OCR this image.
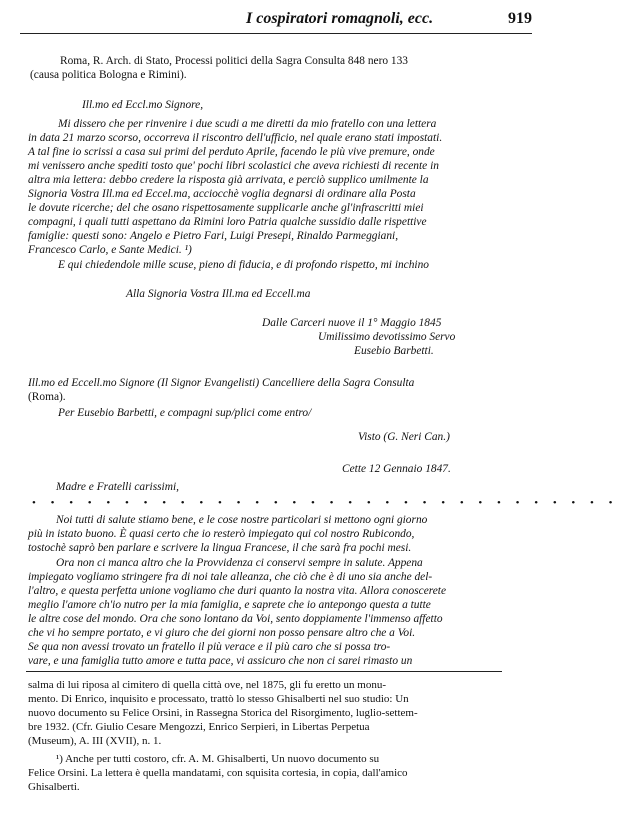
I cospiratori romagnoli, ecc.	919
Roma, R. Arch. di Stato, Processi politici della Sagra Consulta 848 nero 133
(causa politica Bologna e Rimini).
Ill.mo ed Eccl.mo Signore,
Mi dissero che per rinvenire i due scudi a me diretti da mio fratello con una lettera
in data 21 marzo scorso, occorreva il riscontro dell'ufficio, nel quale erano stati impostati.
A tal fine io scrissi a casa sui primi del perduto Aprile, facendo le più vive premure, onde
mi venissero anche spediti tosto que' pochi libri scolastici che aveva richiesti di recente in
altra mia lettera: debbo credere la risposta già arrivata, e perciò supplico umilmente la
Signoria Vostra Ill.ma ed Eccel.ma, acciocchè voglia degnarsi di ordinare alla Posta
le dovute ricerche; del che osano rispettosamente supplicarle anche gl'infrascritti miei
compagni, i quali tutti aspettano da Rimini loro Patria qualche sussidio dalle rispettive
famiglie: questi sono: Angelo e Pietro Fari, Luigi Presepi, Rinaldo Parmeggiani,
Francesco Carlo, e Sante Medici. ¹)
E qui chiedendole mille scuse, pieno di fiducia, e di profondo rispetto, mi inchino
Alla Signoria Vostra Ill.ma ed Eccell.ma
Dalle Carceri nuove il 1° Maggio 1845
Umilissimo devotissimo Servo
Eusebio Barbetti.
Ill.mo ed Eccell.mo Signore (Il Signor Evangelisti) Cancelliere della Sagra Consulta
(Roma).
Per Eusebio Barbetti, e compagni sup/plici come entro/
Visto (G. Neri Can.)
Cette 12 Gennaio 1847.
Madre e Fratelli carissimi,
• • • • • • • • • • • • • • • • • • • • • • • • • • • • • • • •
Noi tutti di salute stiamo bene, e le cose nostre particolari si mettono ogni giorno
più in istato buono. È quasi certo che io resterò impiegato qui col nostro Rubicondo,
tostochè saprò ben parlare e scrivere la lingua Francese, il che sarà fra pochi mesi.
Ora non ci manca altro che la Provvidenza ci conservi sempre in salute. Appena
impiegato vogliamo stringere fra di noi tale alleanza, che ciò che è di uno sia anche del-
l'altro, e questa perfetta unione vogliamo che duri quanto la nostra vita. Allora conoscerete
meglio l'amore ch'io nutro per la mia famiglia, e saprete che io antepongo questa a tutte
le altre cose del mondo. Ora che sono lontano da Voi, sento doppiamente l'immenso affetto
che vi ho sempre portato, e vi giuro che dei giorni non posso pensare altro che a Voi.
Se qua non avessi trovato un fratello il più verace e il più caro che si possa tro-
vare, e una famiglia tutto amore e tutta pace, vi assicuro che non ci sarei rimasto un
salma di lui riposa al cimitero di quella città ove, nel 1875, gli fu eretto un monu-
mento. Di Enrico, inquisito e processato, trattò lo stesso Ghisalberti nel suo studio: Un
nuovo documento su Felice Orsini, in Rassegna Storica del Risorgimento, luglio-settem-
bre 1932. (Cfr. Giulio Cesare Mengozzi, Enrico Serpieri, in Libertas Perpetua
(Museum), A. III (XVII), n. 1.
¹) Anche per tutti costoro, cfr. A. M. Ghisalberti, Un nuovo documento su
Felice Orsini. La lettera è quella mandatami, con squisita cortesia, in copia, dall'amico
Ghisalberti.
